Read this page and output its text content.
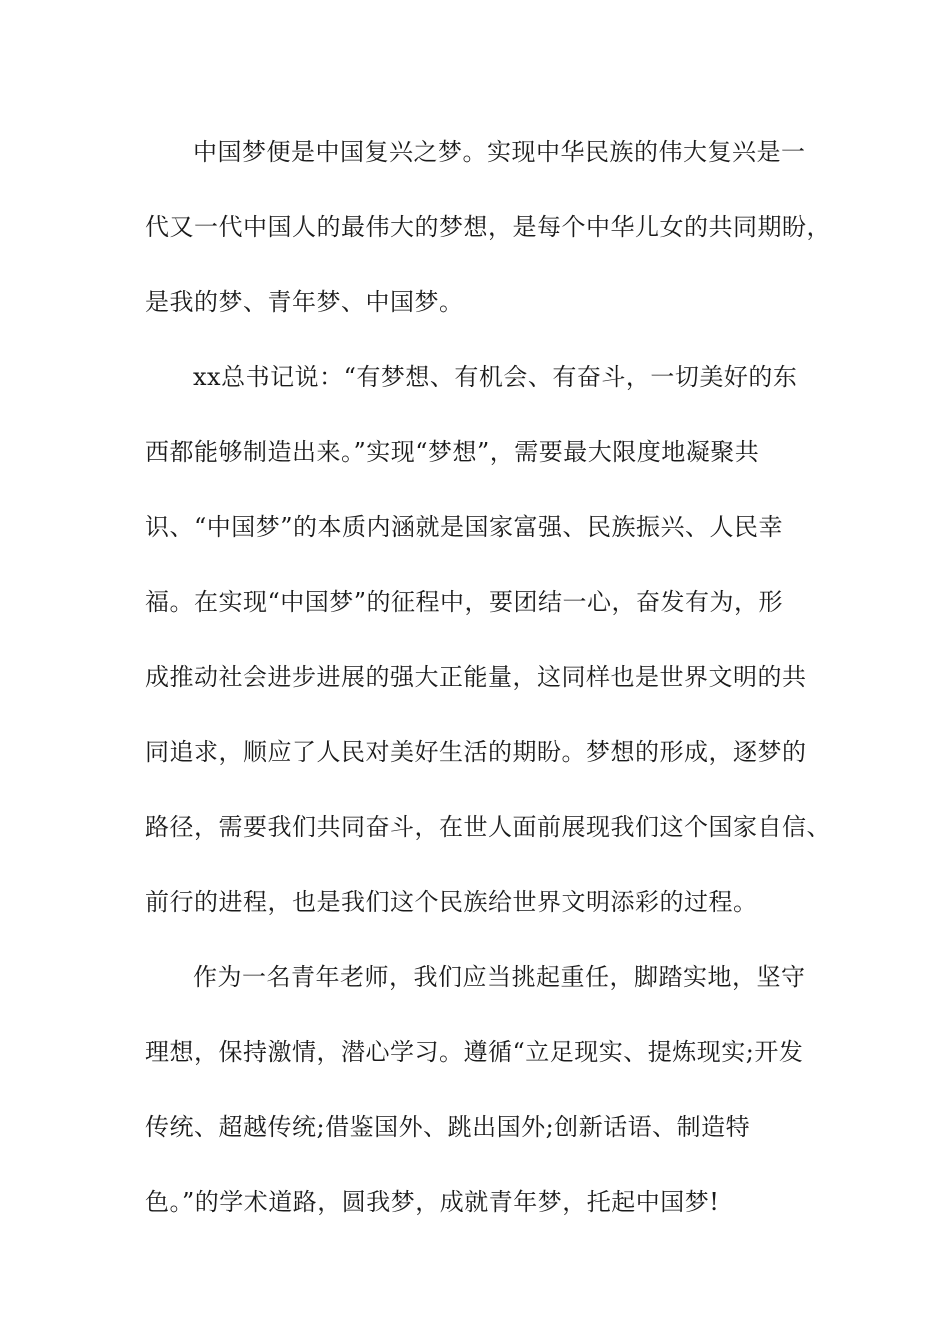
中国梦便是中国复兴之梦。实现中华民族的伟大复兴是一
代又一代中国人的最伟大的梦想，是每个中华儿女的共同期盼，
是我的梦、青年梦、中国梦。
xx总书记说：“有梦想、有机会、有奋斗，一切美好的东
西都能够制造出来。”实现“梦想”，需要最大限度地凝聚共
识、“中国梦”的本质内涵就是国家富强、民族振兴、人民幸
福。在实现“中国梦”的征程中，要团结一心，奋发有为，形
成推动社会进步进展的强大正能量，这同样也是世界文明的共
同追求，顺应了人民对美好生活的期盼。梦想的形成，逐梦的
路径，需要我们共同奋斗，在世人面前展现我们这个国家自信、
前行的进程，也是我们这个民族给世界文明添彩的过程。
作为一名青年老师，我们应当挑起重任，脚踏实地，坚守
理想，保持激情，潜心学习。遵循“立足现实、提炼现实;开发
传统、超越传统;借鉴国外、跳出国外;创新话语、制造特
色。”的学术道路，圆我梦，成就青年梦，托起中国梦!
